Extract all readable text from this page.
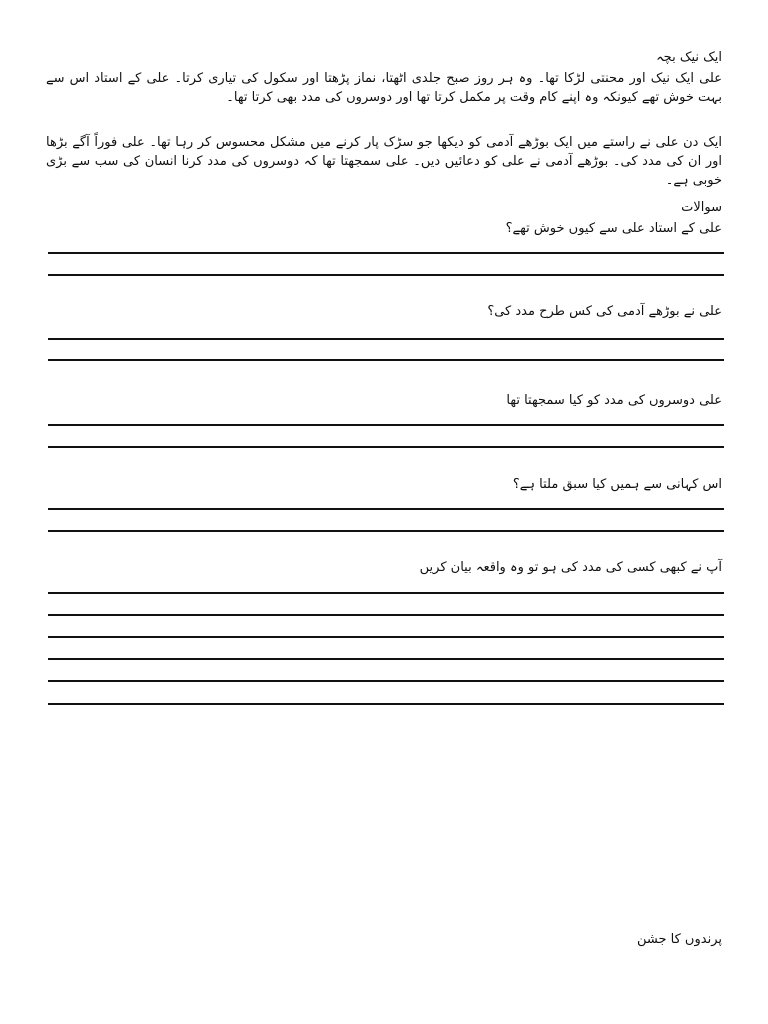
ایک نیک بچہ
علی ایک نیک اور محنتی لڑکا تھا۔ وہ ہر روز صبح جلدی اٹھتا، نماز پڑھتا اور سکول کی تیاری کرتا۔ علی کے استاد اس سے بہت خوش تھے کیونکہ وہ اپنے کام وقت پر مکمل کرتا تھا اور دوسروں کی مدد بھی کرتا تھا۔
ایک دن علی نے راستے میں ایک بوڑھے آدمی کو دیکھا جو سڑک پار کرنے میں مشکل محسوس کر رہا تھا۔ علی فوراً آگے بڑھا اور ان کی مدد کی۔ بوڑھے آدمی نے علی کو دعائیں دیں۔ علی سمجھتا تھا کہ دوسروں کی مدد کرنا انسان کی سب سے بڑی خوبی ہے۔
سوالات
علی کے استاد علی سے کیوں خوش تھے؟
علی نے بوڑھے آدمی کی کس طرح مدد کی؟
علی دوسروں کی مدد کو کیا سمجھتا تھا
اس کہانی سے ہمیں کیا سبق ملتا ہے؟
آپ نے کبھی کسی کی مدد کی ہو تو وہ واقعہ بیان کریں
پرندوں کا جشن
